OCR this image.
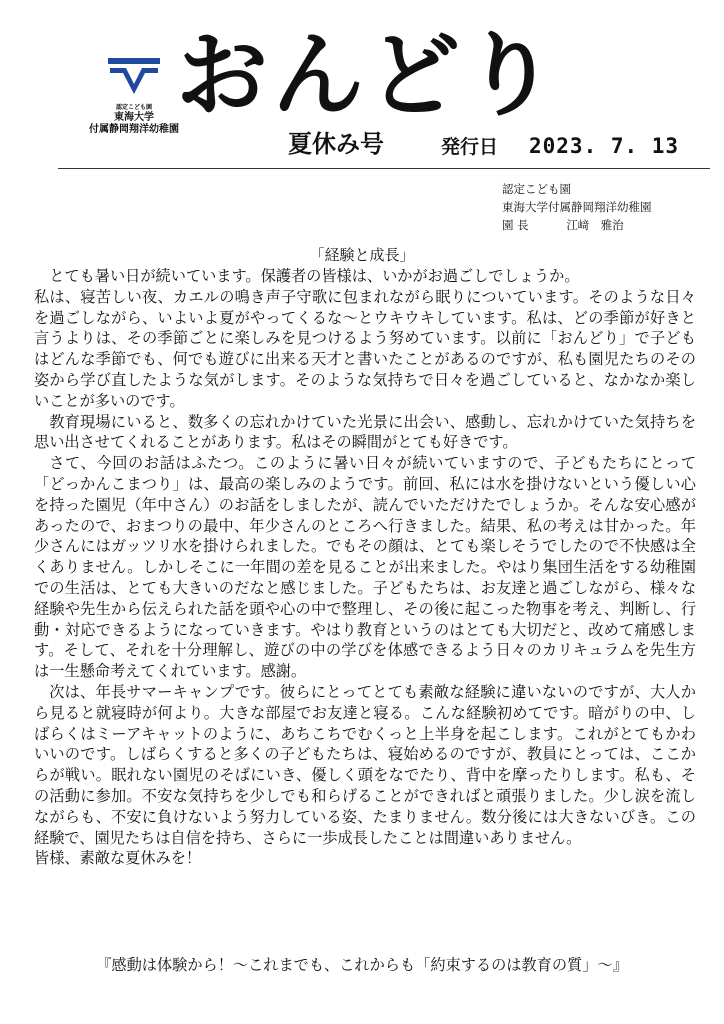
認定こども園
東海大学
付属静岡翔洋幼稚園
おんどり
夏休み号	発行日 2023. 7. 13
認定こども園
東海大学付属静岡翔洋幼稚園
園 長	江﨑　雅治
「経験と成長」

とても暑い日が続いています。保護者の皆様は、いかがお過ごしでしょうか。

私は、寝苦しい夜、カエルの鳴き声子守歌に包まれながら眠りについています。そのような日々を過ごしながら、いよいよ夏がやってくるな～とウキウキしています。私は、どの季節が好きと言うよりは、その季節ごとに楽しみを見つけるよう努めています。以前に「おんどり」で子どもはどんな季節でも、何でも遊びに出来る天才と書いたことがあるのですが、私も園児たちのその姿から学び直したような気がします。そのような気持ちで日々を過ごしていると、なかなか楽しいことが多いのです。

教育現場にいると、数多くの忘れかけていた光景に出会い、感動し、忘れかけていた気持ちを思い出させてくれることがあります。私はその瞬間がとても好きです。

さて、今回のお話はふたつ。このように暑い日々が続いていますので、子どもたちにとって「どっかんこまつり」は、最高の楽しみのようです。前回、私には水を掛けないという優しい心を持った園児（年中さん）のお話をしましたが、読んでいただけたでしょうか。そんな安心感があったので、おまつりの最中、年少さんのところへ行きました。結果、私の考えは甘かった。年少さんにはガッツリ水を掛けられました。でもその顔は、とても楽しそうでしたので不快感は全くありません。しかしそこに一年間の差を見ることが出来ました。やはり集団生活をする幼稚園での生活は、とても大きいのだなと感じました。子どもたちは、お友達と過ごしながら、様々な経験や先生から伝えられた話を頭や心の中で整理し、その後に起こった物事を考え、判断し、行動・対応できるようになっていきます。やはり教育というのはとても大切だと、改めて痛感します。そして、それを十分理解し、遊びの中の学びを体感できるよう日々のカリキュラムを先生方は一生懸命考えてくれています。感謝。

次は、年長サマーキャンプです。彼らにとってとても素敵な経験に違いないのですが、大人から見ると就寝時が何より。大きな部屋でお友達と寝る。こんな経験初めてです。暗がりの中、しばらくはミーアキャットのように、あちこちでむくっと上半身を起こします。これがとてもかわいいのです。しばらくすると多くの子どもたちは、寝始めるのですが、教員にとっては、ここからが戦い。眠れない園児のそばにいき、優しく頭をなでたり、背中を摩ったりします。私も、その活動に参加。不安な気持ちを少しでも和らげることができればと頑張りました。少し涙を流しながらも、不安に負けないよう努力している姿、たまりません。数分後には大きないびき。この経験で、園児たちは自信を持ち、さらに一歩成長したことは間違いありません。

皆様、素敵な夏休みを！

『感動は体験から！～これまでも、これからも「約束するのは教育の質」～』
